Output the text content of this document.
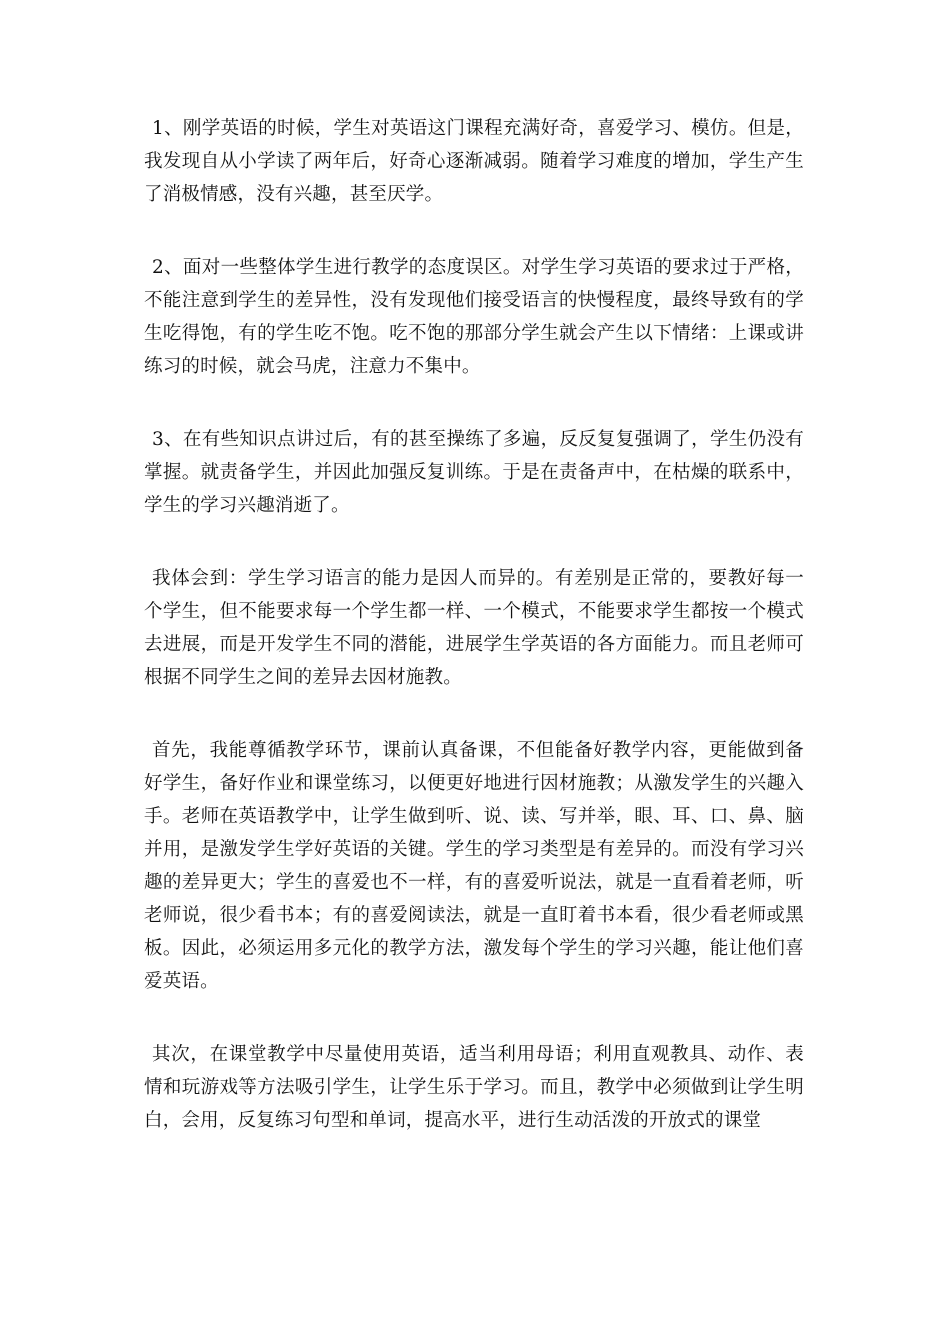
1、刚学英语的时候，学生对英语这门课程充满好奇，喜爱学习、模仿。但是，我发现自从小学读了两年后，好奇心逐渐减弱。随着学习难度的增加，学生产生了消极情感，没有兴趣，甚至厌学。

2、面对一些整体学生进行教学的态度误区。对学生学习英语的要求过于严格，不能注意到学生的差异性，没有发现他们接受语言的快慢程度，最终导致有的学生吃得饱，有的学生吃不饱。吃不饱的那部分学生就会产生以下情绪：上课或讲练习的时候，就会马虎，注意力不集中。

3、在有些知识点讲过后，有的甚至操练了多遍，反反复复强调了，学生仍没有掌握。就责备学生，并因此加强反复训练。于是在责备声中，在枯燥的联系中，学生的学习兴趣消逝了。

我体会到：学生学习语言的能力是因人而异的。有差别是正常的，要教好每一个学生，但不能要求每一个学生都一样、一个模式，不能要求学生都按一个模式去进展，而是开发学生不同的潜能，进展学生学英语的各方面能力。而且老师可根据不同学生之间的差异去因材施教。

首先，我能尊循教学环节，课前认真备课，不但能备好教学内容，更能做到备好学生，备好作业和课堂练习，以便更好地进行因材施教；从激发学生的兴趣入手。老师在英语教学中，让学生做到听、说、读、写并举，眼、耳、口、鼻、脑并用，是激发学生学好英语的关键。学生的学习类型是有差异的。而没有学习兴趣的差异更大；学生的喜爱也不一样，有的喜爱听说法，就是一直看着老师，听老师说，很少看书本；有的喜爱阅读法，就是一直盯着书本看，很少看老师或黑板。因此，必须运用多元化的教学方法，激发每个学生的学习兴趣，能让他们喜爱英语。

其次，在课堂教学中尽量使用英语，适当利用母语；利用直观教具、动作、表情和玩游戏等方法吸引学生，让学生乐于学习。而且，教学中必须做到让学生明白，会用，反复练习句型和单词，提高水平，进行生动活泼的开放式的课堂
